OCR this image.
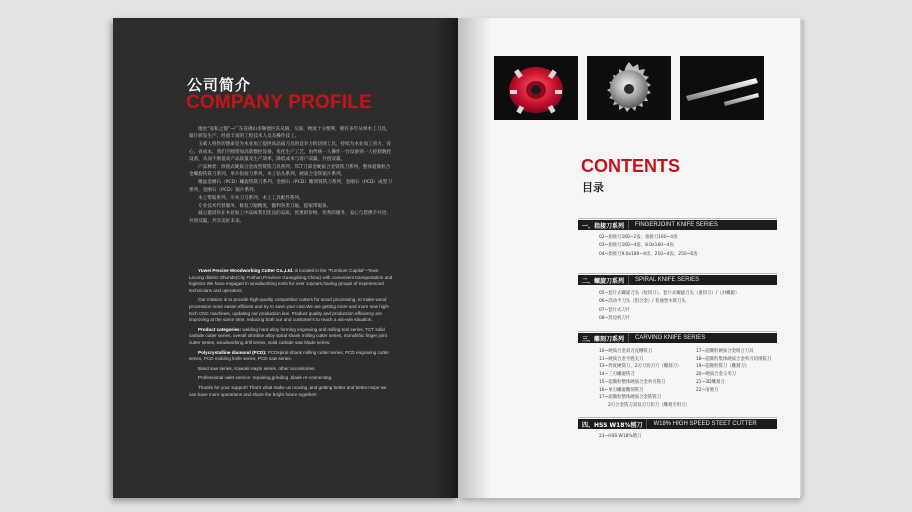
公司简介
COMPANY PROFILE

地处“家私之都”~广东省佛山市顺德区乐从镇，交通、物流十分便利，拥有多年从事木工刀具，锯片研发生产，经验丰富的工程技术人员及操作技工。

玉威人将热切使命是为木业加工提供高品质刀具的竞争力的切削工具，持续为木业加工省力、省心、省成本，我们不断增加高新数控设备，优化生产工艺，由传统一人操作一台设备到一人控制数控设备，从而不断提高产品质量及生产效率，降低成本与客户双赢，共创双赢。

产品种类：焊接式硬质合金成型铣铣刀具系列，TCT刀部金硬质合金铣铣刀系列，整体超微粒合金螺旋铣铣刀系列，单片指接刀系列，木工钻头系列，硬质合金铣锯片系列。

聚晶金刚石（PCD）螺旋铣铣刀系列，金刚石（PCD）雕刻铣铣刀系列，金刚石（PCD）成型刀系列，金刚石（PCD）锯片系列。

木工带锯系列，川木刀刀系列，木工工具配件系列。

专业技术代替服务，修复刀锯精度，翻利各类刀锯，提锯带锯条。

诚心邀请你在木业加工中品味我们优良的品质，优惠的价格，优秀的服务，衷心与您携手并进，共创双赢，共享美好未来。

Yuwei Precise Woodworking Cutter Co.,Ltd. is located in the "Furniture Capital"~Town Lecong district Shunde(City Foshan,Province Guangdong,China) with convenient transportation and logistics.We have engaged in woodworking tools for over 14years,having groups of experienced technicians and operators.

Our mission is to provide high-quality competitive cutters for wood processing, to make wood procession more easier,efficient and try to save your cost.We are getting more and more new high-tech CNC machines, updating our production line. Product quality and production efficiency are improving at the same time, reducing both our and customer's to reach a win-win situation.

Product categories: welding hard alloy forming engraving and milling tool series, TCT solid carbide cutter series, overall ultrafine alloy spiral shank milling cutter series, monolithic finger joint cutter series, woodworking drill series, solid carbide saw blade series.

Polycrystalline diamond (PCD): PCDspiral shank milling cutter series, PCD engraving cutter series, PCD molding knife series, PCD saw series.

Band saw series, Kawaki Hayto series, other accessories.

Professional valet service: repairing,grinding ,blade re-connecting.

Thanks for your support! That's what make us moving ,and getting better and better.Hope we can have more operations and share the bright future together!

CONTENTS
目录
一、指接刀系列	FINGERJOINT KNIFE SERIES
02~指接刀160~2齿、指接刀160~4齿
03~指接刀160~4齿、8.0x160~4齿
04~指接刀9.0x180~4齿、210~4齿、250~6齿
二、螺旋刀系列	SPIRAL KNIFE SERIES
05~套片式螺旋刀头（短切刀）、套片式螺旋刀头（重切刀）/（对螺旋）
06~活动平刀头（铝合金）/ 普通型木铣刀头
07~套片式刀片
08~封边机刀片
三、雕刻刀系列	CARVING KNIFE SERIES
10~硬质合金双刃直槽铣刀
11~硬质合金平底尖刀
13~焊度硬铣刀、2刃刀切刃刀（雕刻刀）
14~三刃螺旋铣刀
15~超微粒整体硬质合金单刃铣刀
16~单刃螺旋雕刻铣刀
17~超微粒整体硬质合金铣铣刀
2刃合金铣刀双双刃刀切刀（雕刻专用刀）
17~超微粒硬质合金组合刀具
18~超微粒集体硬质合金单刃切削铣刀
19~超微粒铣刀（雕刻刀）
20~硬质合金玉米刀
21~3D雕刻刀
22~清底刀
四、HSS W18%刨刀	W18% HIGH SPEED STEET CUTTER
23~HSS W18%刨刀
